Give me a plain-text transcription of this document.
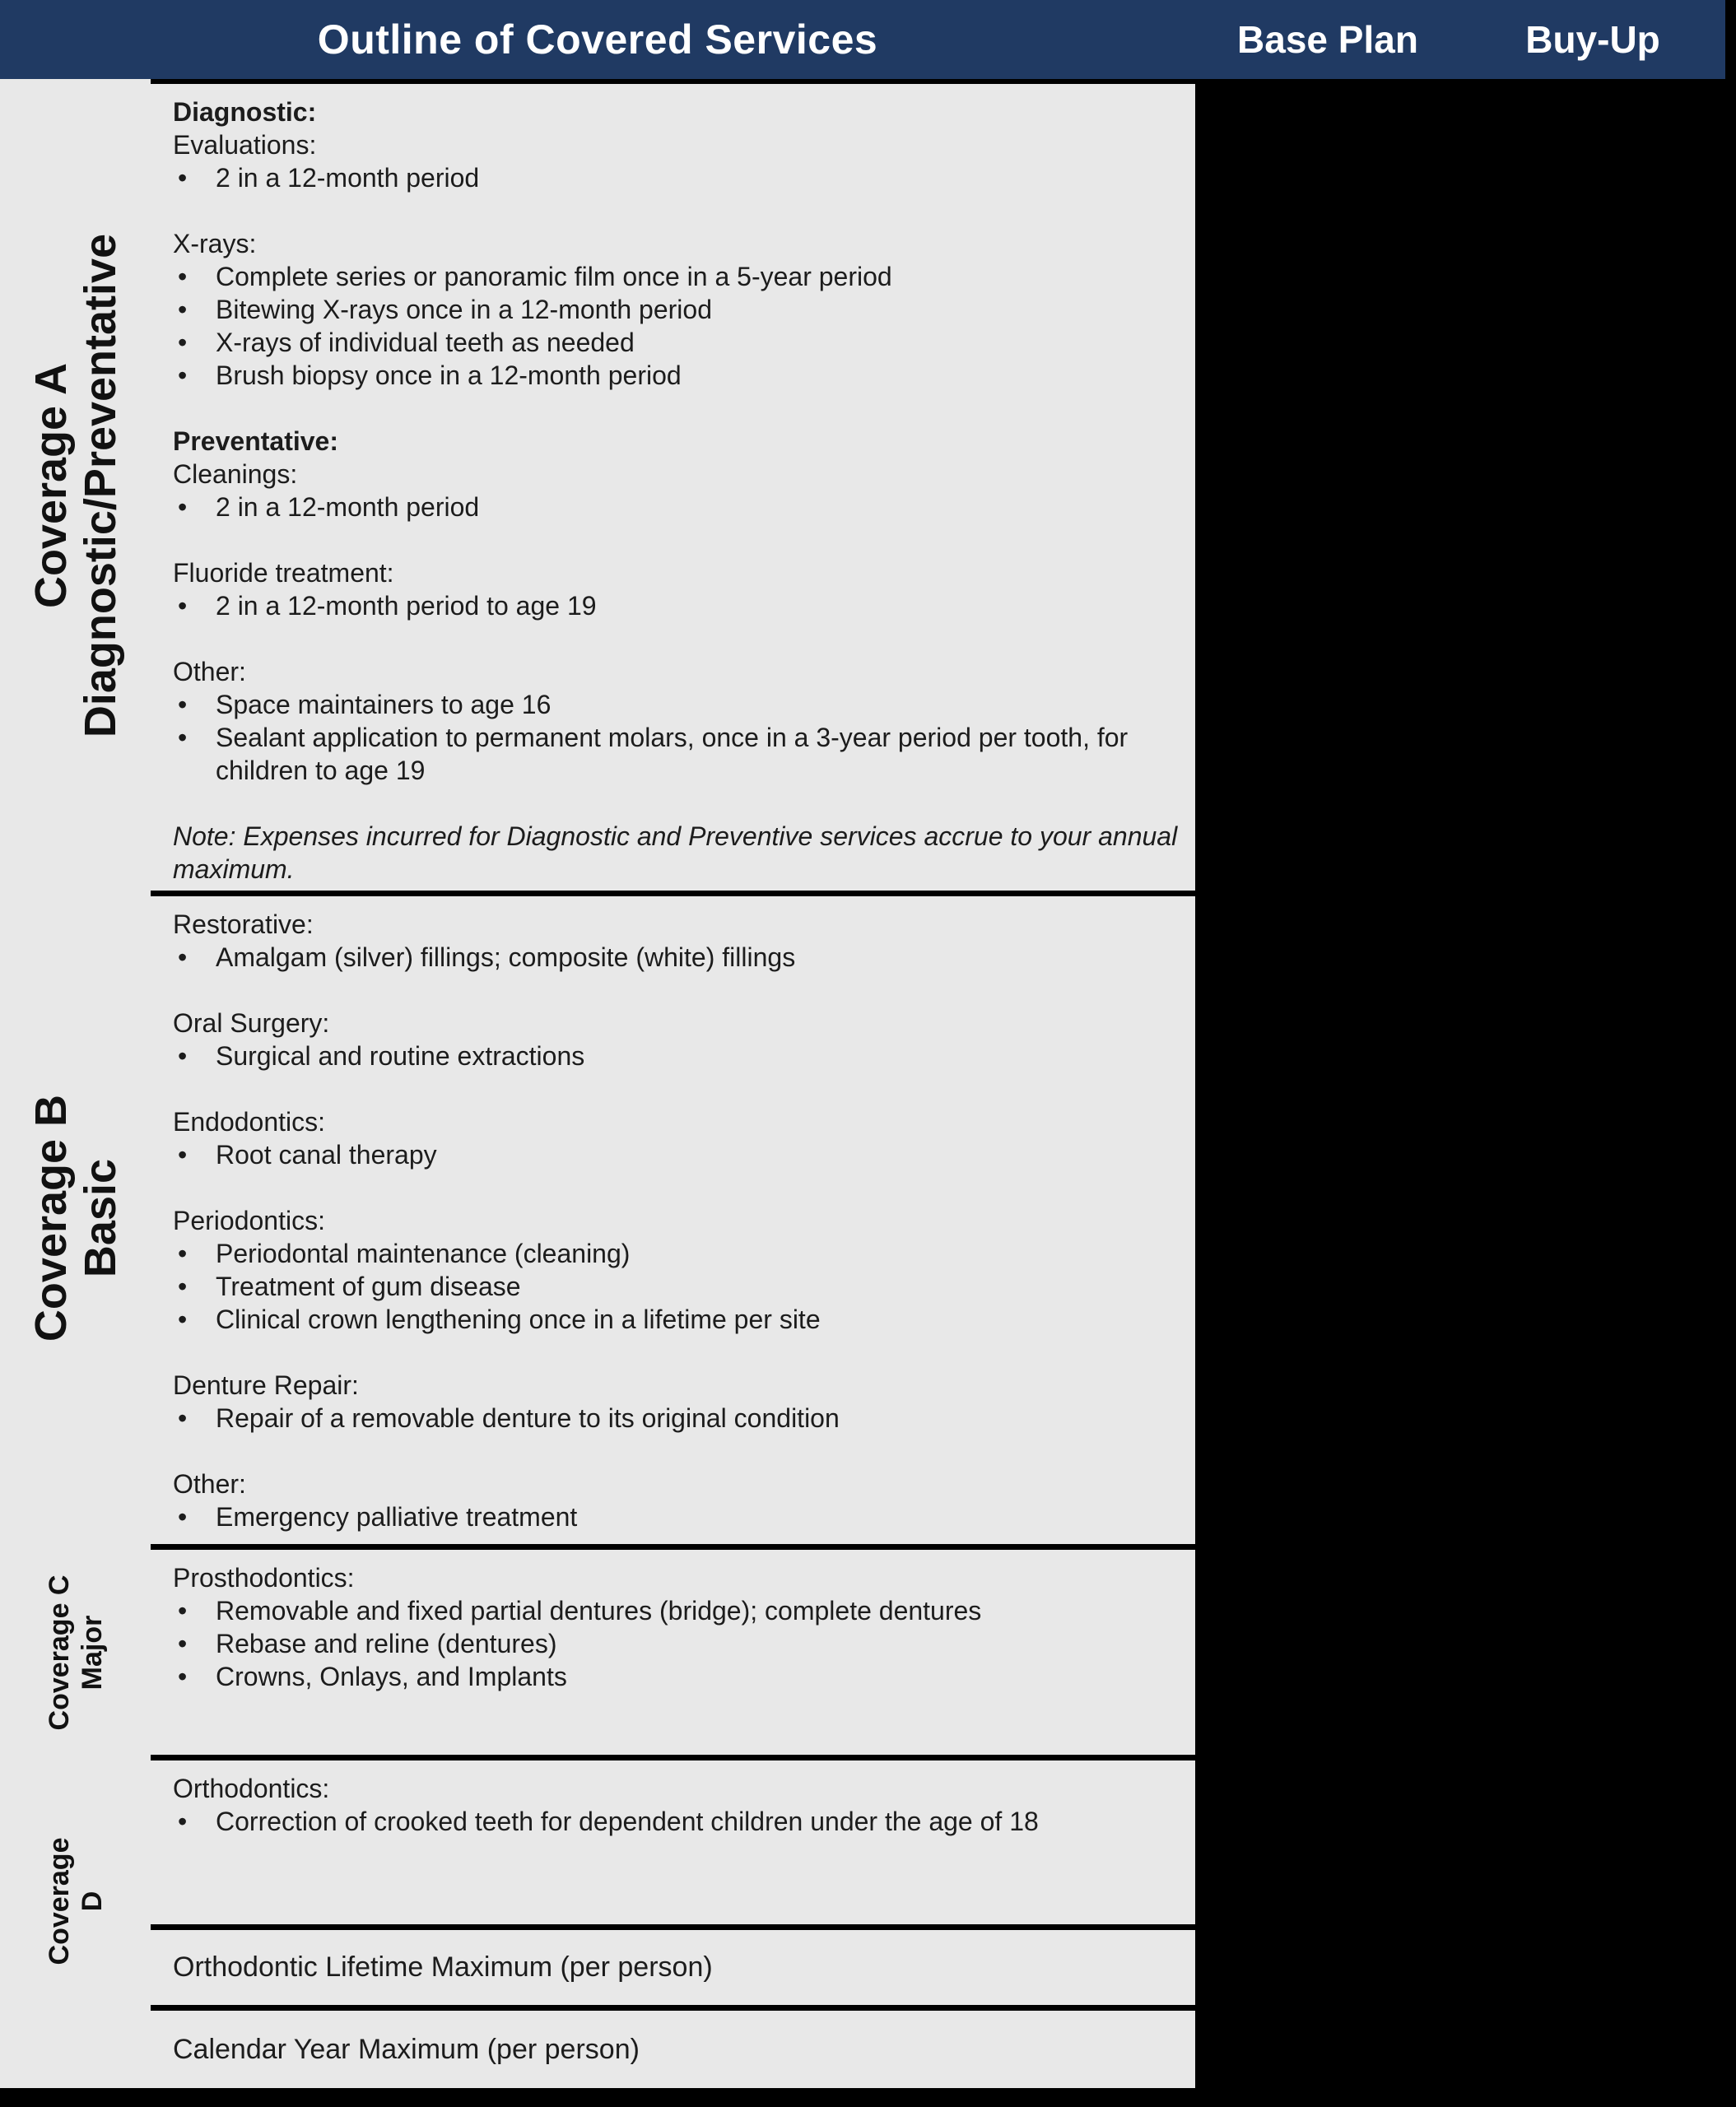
Outline of Covered Services	Base Plan	Buy-Up
Coverage A Diagnostic/Preventative
Coverage B Basic
Coverage C Major
Coverage D
Diagnostic:
Evaluations:
• 2 in a 12-month period
X-rays:
• Complete series or panoramic film once in a 5-year period
• Bitewing X-rays once in a 12-month period
• X-rays of individual teeth as needed
• Brush biopsy once in a 12-month period
Preventative:
Cleanings:
• 2 in a 12-month period
Fluoride treatment:
• 2 in a 12-month period to age 19
Other:
• Space maintainers to age 16
• Sealant application to permanent molars, once in a 3-year period per tooth, for children to age 19
Note: Expenses incurred for Diagnostic and Preventive services accrue to your annual maximum.
Restorative:
• Amalgam (silver) fillings; composite (white) fillings
Oral Surgery:
• Surgical and routine extractions
Endodontics:
• Root canal therapy
Periodontics:
• Periodontal maintenance (cleaning)
• Treatment of gum disease
• Clinical crown lengthening once in a lifetime per site
Denture Repair:
• Repair of a removable denture to its original condition
Other:
• Emergency palliative treatment
Prosthodontics:
• Removable and fixed partial dentures (bridge); complete dentures
• Rebase and reline (dentures)
• Crowns, Onlays, and Implants
Orthodontics:
• Correction of crooked teeth for dependent children under the age of 18
Orthodontic Lifetime Maximum (per person)
Calendar Year Maximum (per person)
